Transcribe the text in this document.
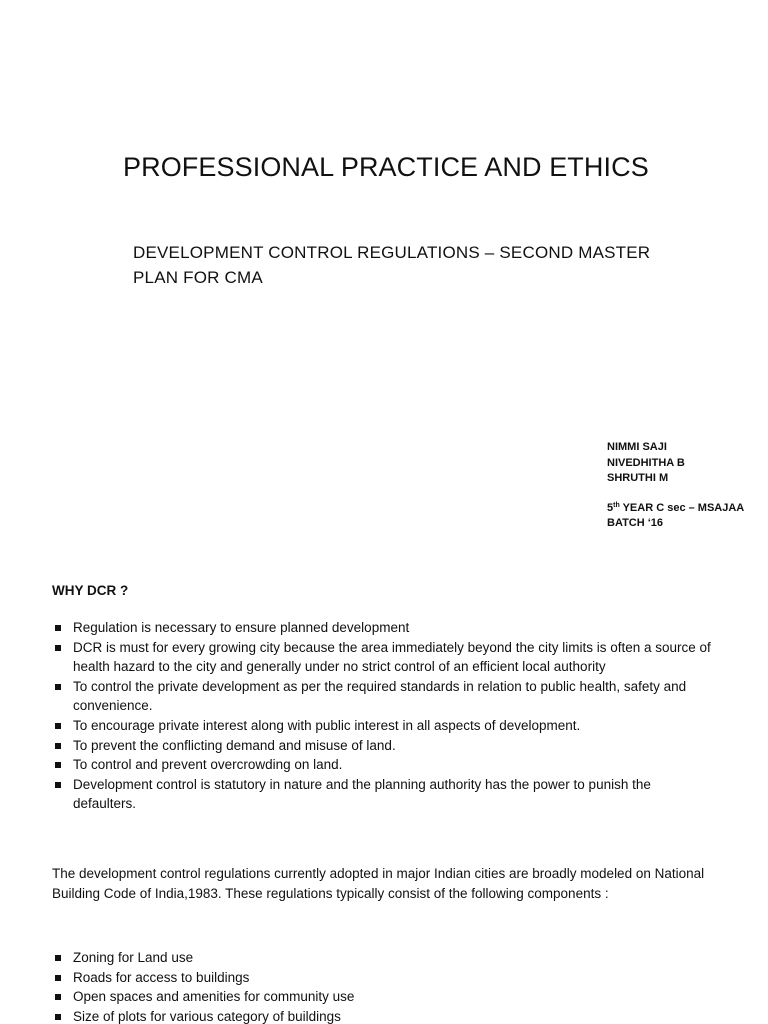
PROFESSIONAL PRACTICE AND ETHICS
DEVELOPMENT CONTROL REGULATIONS – SECOND MASTER PLAN FOR CMA
NIMMI SAJI
NIVEDHITHA B
SHRUTHI M
5th YEAR C sec – MSAJAA
BATCH ‘16
WHY DCR ?
Regulation is necessary to ensure planned development
DCR is must for every growing city because the area immediately beyond the city limits is often a source of health hazard to the city and generally under no strict control of an efficient local authority
To control the private development as per the required standards in relation to public health, safety and convenience.
To encourage private interest along with public interest in all aspects of development.
To prevent the conflicting demand and misuse of land.
To control and prevent overcrowding on land.
Development control is statutory in nature and the planning authority has the power to punish the defaulters.
The development control regulations currently adopted in major Indian cities are broadly modeled on National Building Code of India,1983. These regulations typically consist of the following components :
Zoning for Land use
Roads for access to buildings
Open spaces and amenities for community use
Size of plots for various category of buildings
